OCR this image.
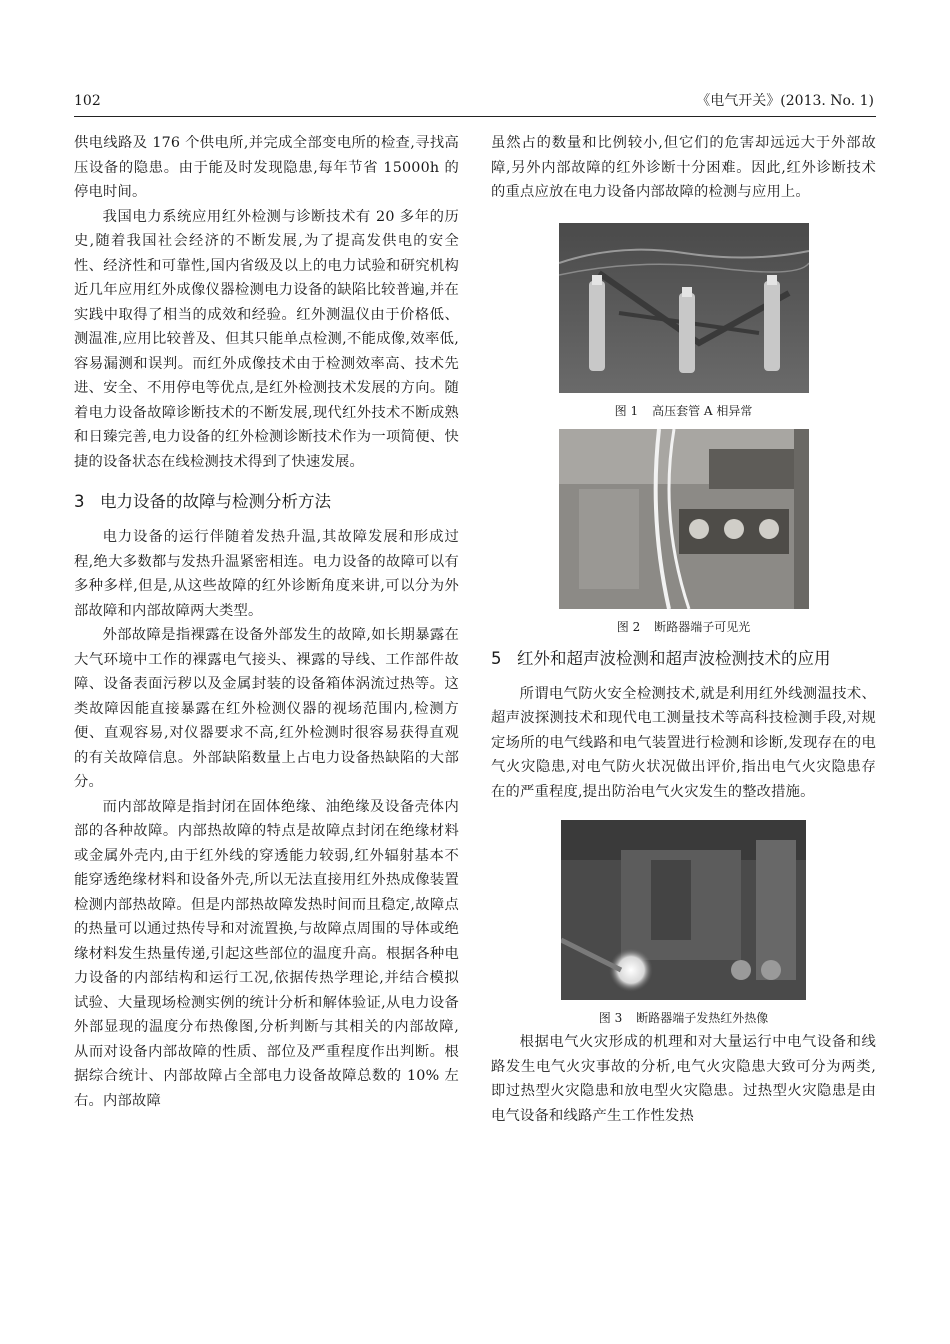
102	《电气开关》(2013. No. 1)

供电线路及 176 个供电所,并完成全部变电所的检查,寻找高压设备的隐患。由于能及时发现隐患,每年节省 15000h 的停电时间。

我国电力系统应用红外检测与诊断技术有 20 多年的历史,随着我国社会经济的不断发展,为了提高发供电的安全性、经济性和可靠性,国内省级及以上的电力试验和研究机构近几年应用红外成像仪器检测电力设备的缺陷比较普遍,并在实践中取得了相当的成效和经验。红外测温仪由于价格低、测温准,应用比较普及、但其只能单点检测,不能成像,效率低,容易漏测和误判。而红外成像技术由于检测效率高、技术先进、安全、不用停电等优点,是红外检测技术发展的方向。随着电力设备故障诊断技术的不断发展,现代红外技术不断成熟和日臻完善,电力设备的红外检测诊断技术作为一项简便、快捷的设备状态在线检测技术得到了快速发展。

3 电力设备的故障与检测分析方法

电力设备的运行伴随着发热升温,其故障发展和形成过程,绝大多数都与发热升温紧密相连。电力设备的故障可以有多种多样,但是,从这些故障的红外诊断角度来讲,可以分为外部故障和内部故障两大类型。

外部故障是指裸露在设备外部发生的故障,如长期暴露在大气环境中工作的裸露电气接头、裸露的导线、工作部件故障、设备表面污秽以及金属封装的设备箱体涡流过热等。这类故障因能直接暴露在红外检测仪器的视场范围内,检测方便、直观容易,对仪器要求不高,红外检测时很容易获得直观的有关故障信息。外部缺陷数量上占电力设备热缺陷的大部分。

而内部故障是指封闭在固体绝缘、油绝缘及设备壳体内部的各种故障。内部热故障的特点是故障点封闭在绝缘材料或金属外壳内,由于红外线的穿透能力较弱,红外辐射基本不能穿透绝缘材料和设备外壳,所以无法直接用红外热成像装置检测内部热故障。但是内部热故障发热时间而且稳定,故障点的热量可以通过热传导和对流置换,与故障点周围的导体或绝缘材料发生热量传递,引起这些部位的温度升高。根据各种电力设备的内部结构和运行工况,依据传热学理论,并结合模拟试验、大量现场检测实例的统计分析和解体验证,从电力设备外部显现的温度分布热像图,分析判断与其相关的内部故障,从而对设备内部故障的性质、部位及严重程度作出判断。根据综合统计、内部故障占全部电力设备故障总数的 10% 左右。内部故障

虽然占的数量和比例较小,但它们的危害却远远大于外部故障,另外内部故障的红外诊断十分困难。因此,红外诊断技术的重点应放在电力设备内部故障的检测与应用上。

图 1 高压套管 A 相异常
图 2 断路器端子可见光
5 红外和超声波检测和超声波检测技术的应用

所谓电气防火安全检测技术,就是利用红外线测温技术、超声波探测技术和现代电工测量技术等高科技检测手段,对规定场所的电气线路和电气装置进行检测和诊断,发现存在的电气火灾隐患,对电气防火状况做出评价,指出电气火灾隐患存在的严重程度,提出防治电气火灾发生的整改措施。

图 3 断路器端子发热红外热像

根据电气火灾形成的机理和对大量运行中电气设备和线路发生电气火灾事故的分析,电气火灾隐患大致可分为两类,即过热型火灾隐患和放电型火灾隐患。过热型火灾隐患是由电气设备和线路产生工作性发热
